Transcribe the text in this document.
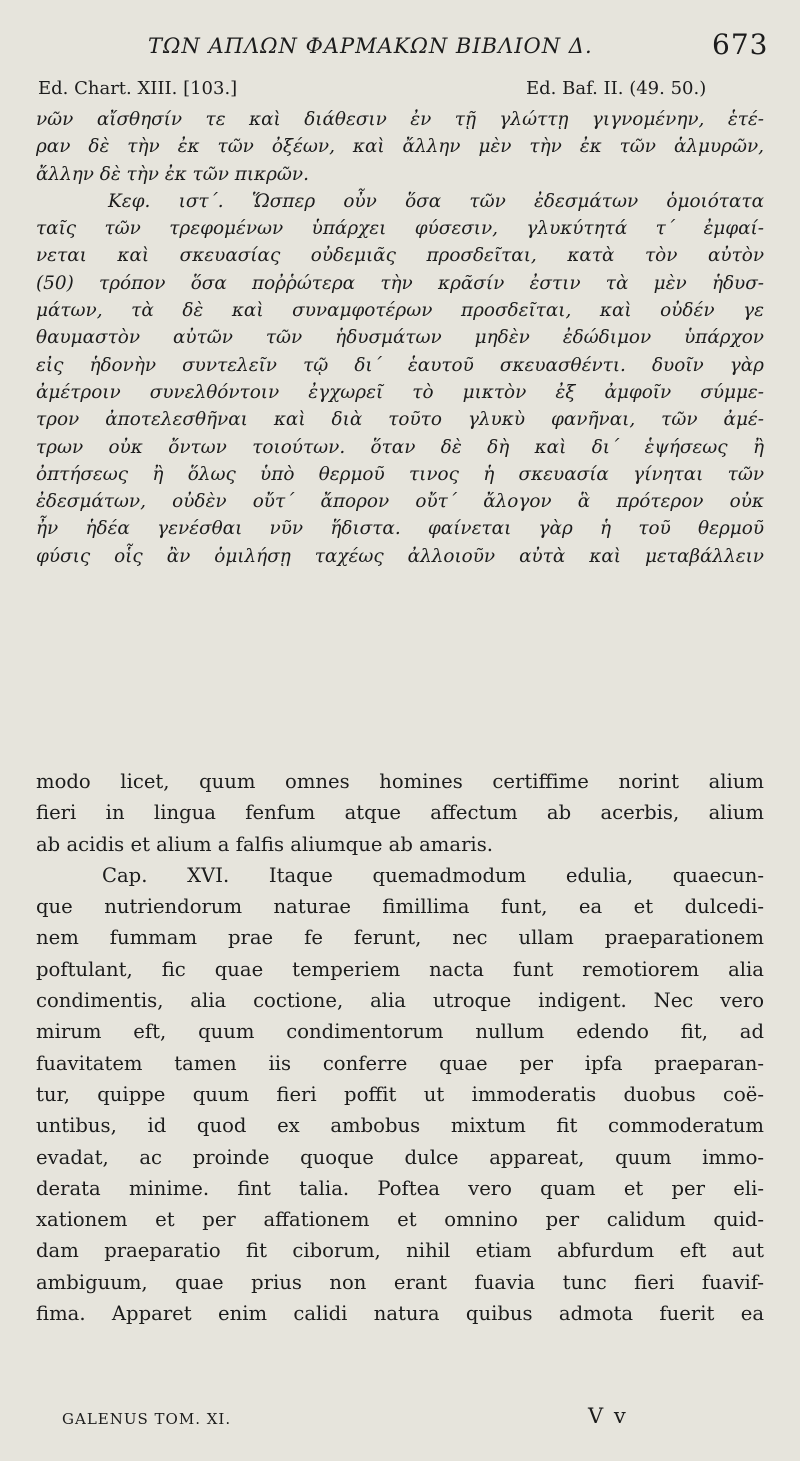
ΤΩΝ ΑΠΛΩΝ ΦΑΡΜΑΚΩΝ ΒΙΒΛΙΟΝ Δ.	673
Ed. Chart. XIII. [103.]	Ed. Baf. II. (49. 50.)
νῶν αἴσθησίν τε καὶ διάθεσιν ἐν τῇ γλώττῃ γιγνομένην, ἑτέ-
ραν δὲ τὴν ἐκ τῶν ὀξέων, καὶ ἄλλην μὲν τὴν ἐκ τῶν ἁλμυρῶν,
ἄλλην δὲ τὴν ἐκ τῶν πικρῶν.
Κεφ. ιστ΄. Ὥσπερ οὖν ὅσα τῶν ἐδεσμάτων ὁμοιότατα
ταῖς τῶν τρεφομένων ὑπάρχει φύσεσιν, γλυκύτητά τ΄ ἐμφαί-
νεται καὶ σκευασίας οὐδεμιᾶς προσδεῖται, κατὰ τὸν αὐτὸν
(50) τρόπον ὅσα ποῤῥώτερα τὴν κρᾶσίν ἐστιν τὰ μὲν ἡδυσ-
μάτων, τὰ δὲ καὶ συναμφοτέρων προσδεῖται, καὶ οὐδέν γε
θαυμαστὸν αὐτῶν τῶν ἡδυσμάτων μηδὲν ἐδώδιμον ὑπάρχον
εἰς ἡδονὴν συντελεῖν τῷ δι΄ ἑαυτοῦ σκευασθέντι. δυοῖν γὰρ
ἀμέτροιν συνελθόντοιν ἐγχωρεῖ τὸ μικτὸν ἐξ ἀμφοῖν σύμμε-
τρον ἀποτελεσθῆναι καὶ διὰ τοῦτο γλυκὺ φανῆναι, τῶν ἀμέ-
τρων οὐκ ὄντων τοιούτων. ὅταν δὲ δὴ καὶ δι΄ ἑψήσεως ἢ
ὀπτήσεως ἢ ὅλως ὑπὸ θερμοῦ τινος ἡ σκευασία γίνηται τῶν
ἐδεσμάτων, οὐδὲν οὔτ΄ ἄπορον οὔτ΄ ἄλογον ἃ πρότερον οὐκ
ἦν ἡδέα γενέσθαι νῦν ἥδιστα. φαίνεται γὰρ ἡ τοῦ θερμοῦ
φύσις οἷς ἂν ὁμιλήσῃ ταχέως ἀλλοιοῦν αὐτὰ καὶ μεταβάλλειν
modo licet, quum omnes homines certiffime norint alium
fieri in lingua fenfum atque affectum ab acerbis, alium
ab acidis et alium a falfis aliumque ab amaris.
Cap. XVI. Itaque quemadmodum edulia, quaecun-
que nutriendorum naturae fimillima funt, ea et dulcedi-
nem fummam prae fe ferunt, nec ullam praeparationem
poftulant, fic quae temperiem nacta funt remotiorem alia
condimentis, alia coctione, alia utroque indigent. Nec vero
mirum eft, quum condimentorum nullum edendo fit, ad
fuavitatem tamen iis conferre quae per ipfa praeparan-
tur, quippe quum fieri poffit ut immoderatis duobus coë-
untibus, id quod ex ambobus mixtum fit commoderatum
evadat, ac proinde quoque dulce appareat, quum immo-
derata minime. fint talia. Poftea vero quam et per eli-
xationem et per affationem et omnino per calidum quid-
dam praeparatio fit ciborum, nihil etiam abfurdum eft aut
ambiguum, quae prius non erant fuavia tunc fieri fuavif-
fima. Apparet enim calidi natura quibus admota fuerit ea
GALENUS TOM. XI.	V v
